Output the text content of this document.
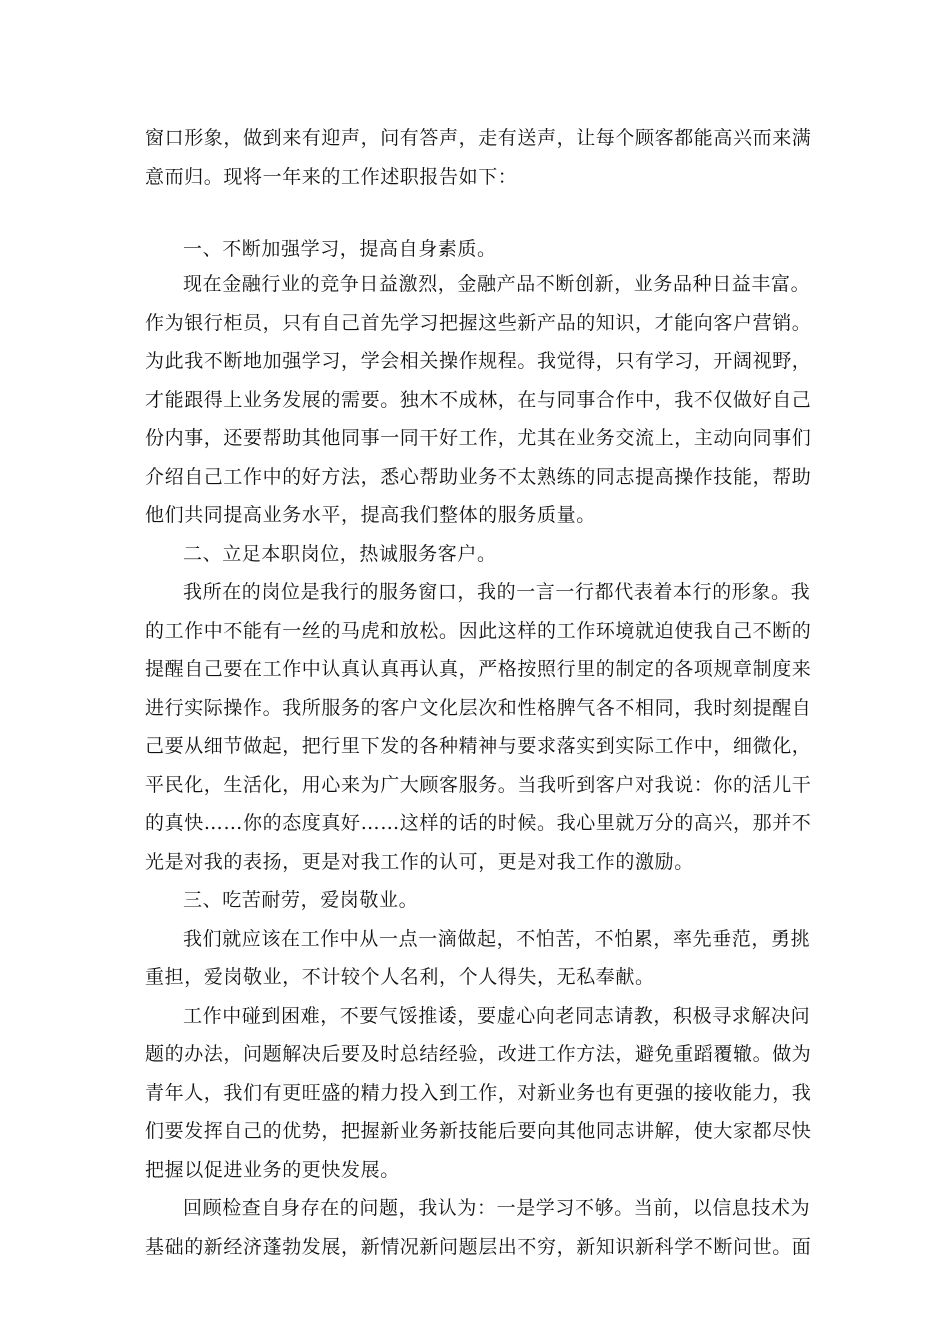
窗口形象，做到来有迎声，问有答声，走有送声，让每个顾客都能高兴而来满
意而归。现将一年来的工作述职报告如下：
一、不断加强学习，提高自身素质。
现在金融行业的竞争日益激烈，金融产品不断创新，业务品种日益丰富。
作为银行柜员，只有自己首先学习把握这些新产品的知识，才能向客户营销。
为此我不断地加强学习，学会相关操作规程。我觉得，只有学习，开阔视野，
才能跟得上业务发展的需要。独木不成林，在与同事合作中，我不仅做好自己
份内事，还要帮助其他同事一同干好工作，尤其在业务交流上，主动向同事们
介绍自己工作中的好方法，悉心帮助业务不太熟练的同志提高操作技能，帮助
他们共同提高业务水平，提高我们整体的服务质量。
二、立足本职岗位，热诚服务客户。
我所在的岗位是我行的服务窗口，我的一言一行都代表着本行的形象。我
的工作中不能有一丝的马虎和放松。因此这样的工作环境就迫使我自己不断的
提醒自己要在工作中认真认真再认真，严格按照行里的制定的各项规章制度来
进行实际操作。我所服务的客户文化层次和性格脾气各不相同，我时刻提醒自
己要从细节做起，把行里下发的各种精神与要求落实到实际工作中，细微化，
平民化，生活化，用心来为广大顾客服务。当我听到客户对我说：你的活儿干
的真快……你的态度真好……这样的话的时候。我心里就万分的高兴，那并不
光是对我的表扬，更是对我工作的认可，更是对我工作的激励。
三、吃苦耐劳，爱岗敬业。
我们就应该在工作中从一点一滴做起，不怕苦，不怕累，率先垂范，勇挑
重担，爱岗敬业，不计较个人名利，个人得失，无私奉献。
工作中碰到困难，不要气馁推诿，要虚心向老同志请教，积极寻求解决问
题的办法，问题解决后要及时总结经验，改进工作方法，避免重蹈覆辙。做为
青年人，我们有更旺盛的精力投入到工作，对新业务也有更强的接收能力，我
们要发挥自己的优势，把握新业务新技能后要向其他同志讲解，使大家都尽快
把握以促进业务的更快发展。
回顾检查自身存在的问题，我认为：一是学习不够。当前，以信息技术为
基础的新经济蓬勃发展，新情况新问题层出不穷，新知识新科学不断问世。面
